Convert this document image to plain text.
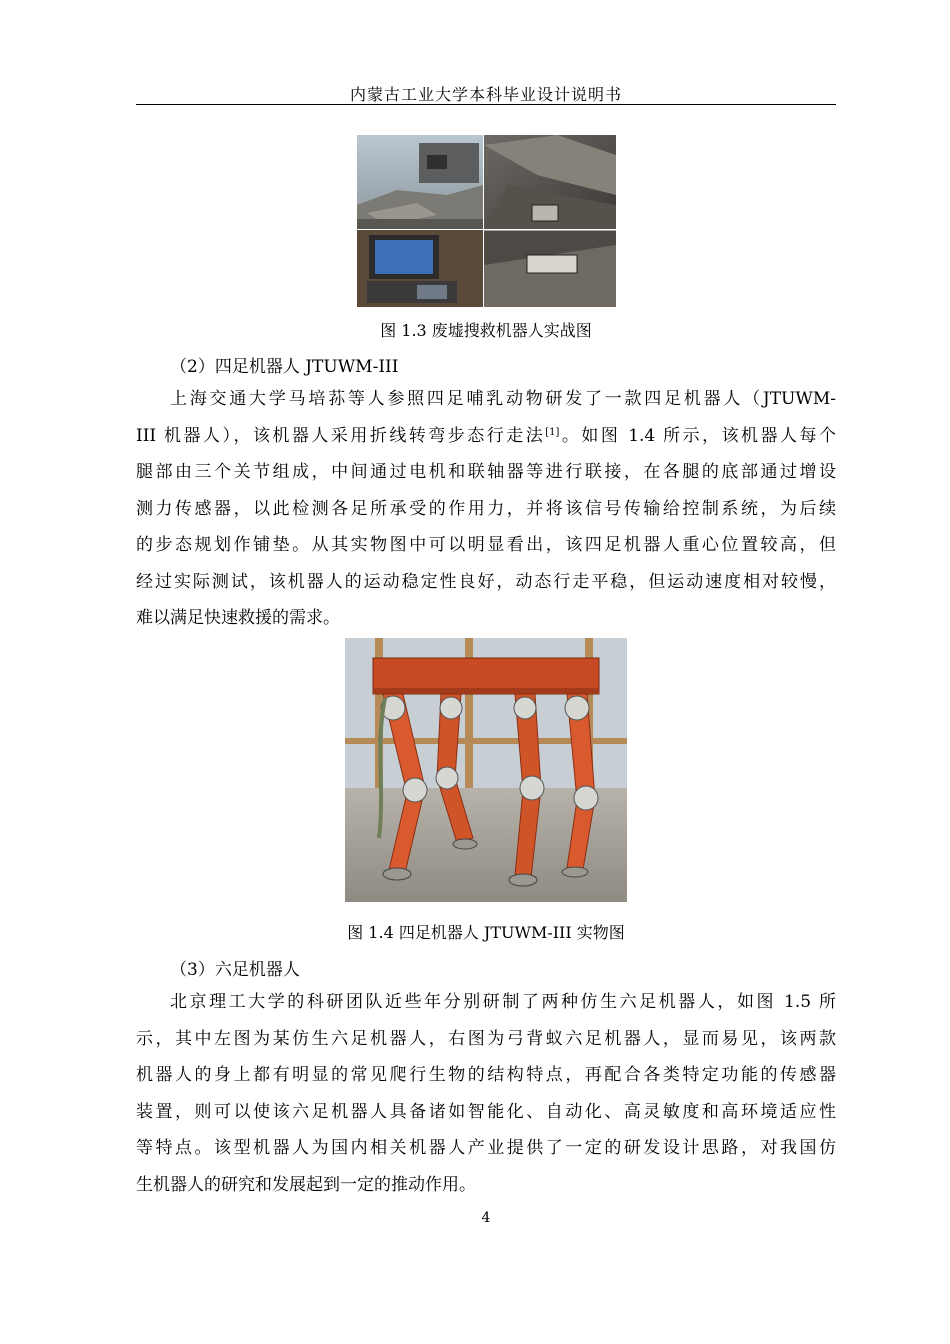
内蒙古工业大学本科毕业设计说明书
图 1.3 废墟搜救机器人实战图
（2）四足机器人 JTUWM-III
上海交通大学马培荪等人参照四足哺乳动物研发了一款四足机器人（JTUWM-
III 机器人），该机器人采用折线转弯步态行走法[1]。如图 1.4 所示，该机器人每个
腿部由三个关节组成，中间通过电机和联轴器等进行联接，在各腿的底部通过增设
测力传感器，以此检测各足所承受的作用力，并将该信号传输给控制系统，为后续
的步态规划作铺垫。从其实物图中可以明显看出，该四足机器人重心位置较高，但
经过实际测试，该机器人的运动稳定性良好，动态行走平稳，但运动速度相对较慢，
难以满足快速救援的需求。
图 1.4 四足机器人 JTUWM-III 实物图
（3）六足机器人
北京理工大学的科研团队近些年分别研制了两种仿生六足机器人，如图 1.5 所
示，其中左图为某仿生六足机器人，右图为弓背蚁六足机器人，显而易见，该两款
机器人的身上都有明显的常见爬行生物的结构特点，再配合各类特定功能的传感器
装置，则可以使该六足机器人具备诸如智能化、自动化、高灵敏度和高环境适应性
等特点。该型机器人为国内相关机器人产业提供了一定的研发设计思路，对我国仿
生机器人的研究和发展起到一定的推动作用。
4
